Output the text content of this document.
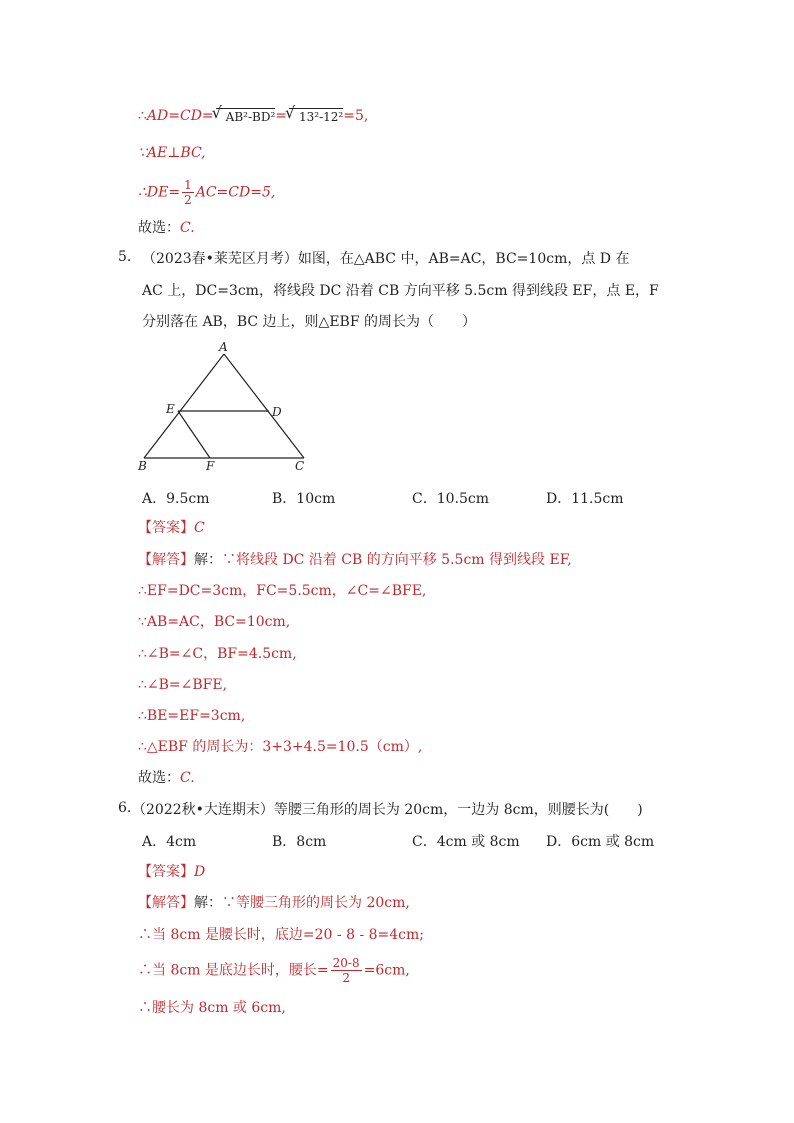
∴AD=CD= √ AB²-BD²= √ 13²-12²=5,
∵AE⊥BC,
∴DE= $\frac{1}{2} AC=CD=5$,
故选：C.
5. （2023春•莱芜区月考）如图，在△ABC 中，AB=AC，BC=10cm，点 D 在
AC 上，DC=3cm，将线段 DC 沿着 CB 方向平移 5.5cm 得到线段 EF，点 E，F
分别落在 AB，BC 边上，则△EBF 的周长为（　　）
A
B	C
D
E
F
A．9.5cm	B．10cm	C．10.5cm	D．11.5cm
【答案】C
【解答】解：∵将线段 DC 沿着 CB 的方向平移 5.5cm 得到线段 EF,
∴EF=DC=3cm，FC=5.5cm，∠C=∠BFE,
∵AB=AC，BC=10cm,
∴∠B=∠C，BF=4.5cm,
∴∠B=∠BFE,
∴BE=EF=3cm,
∴△EBF 的周长为：3+3+4.5=10.5（cm）,
故选：C.
6. （2022秋•大连期末）等腰三角形的周长为 20cm，一边为 8cm，则腰长为(　　)
A．4cm	B．8cm	C．4cm 或 8cm D．6cm 或 8cm
【答案】D
【解答】解：∵等腰三角形的周长为 20cm,
∴当 8cm 是腰长时，底边=20 - 8 - 8=4cm;
∴当 8cm 是底边长时，腰长= $\frac{20-8}{2} =6cm$,
∴腰长为 8cm 或 6cm,
